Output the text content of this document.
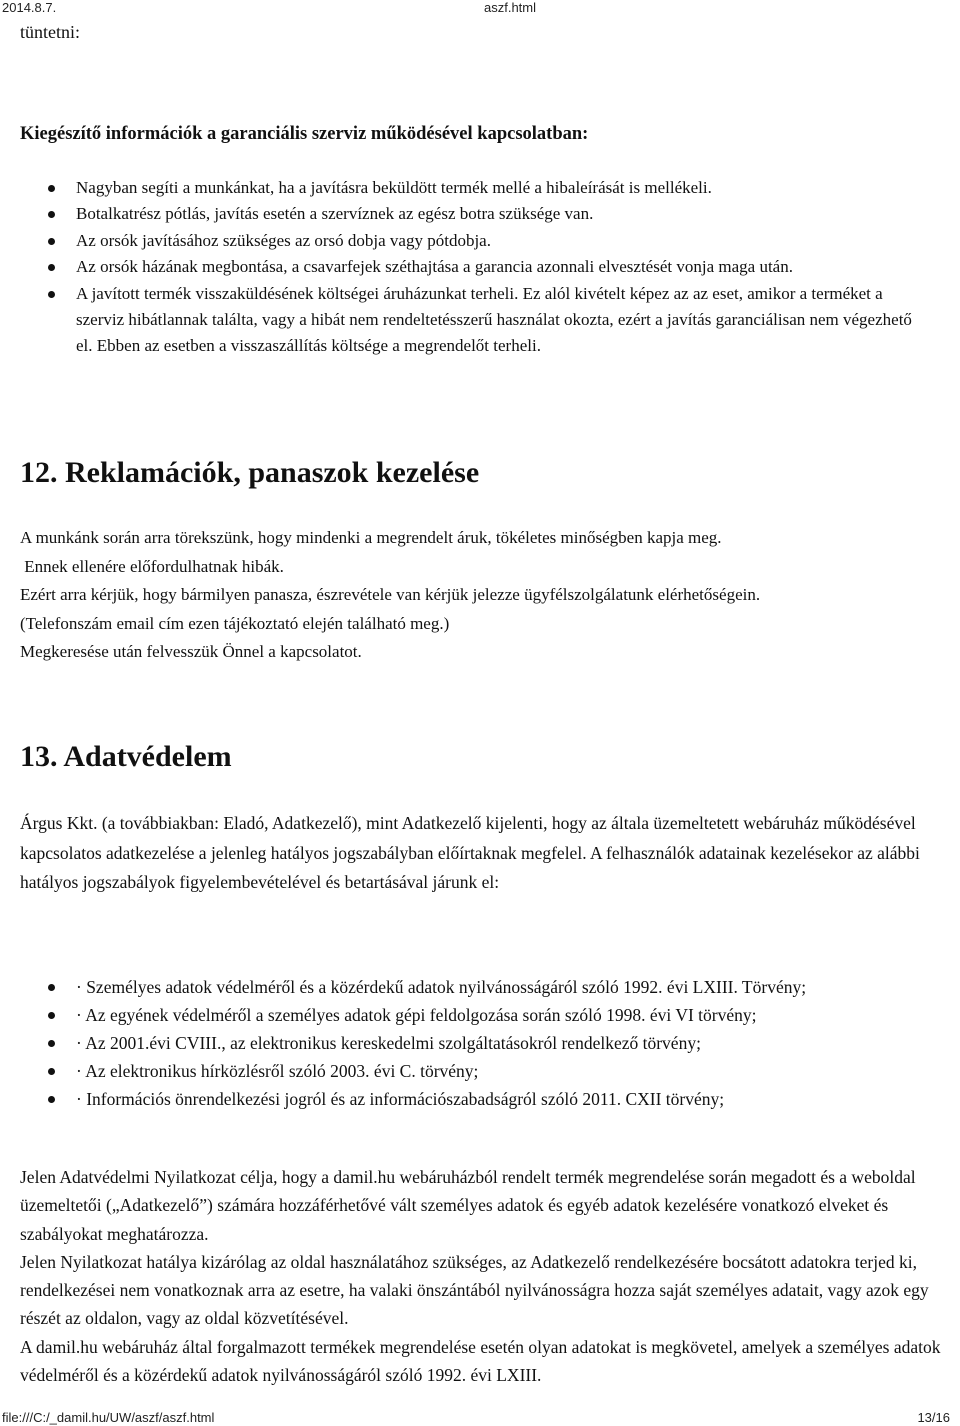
2014.8.7.	aszf.html
tüntetni:
Kiegészítő információk a garanciális szerviz működésével kapcsolatban:
Nagyban segíti a munkánkat, ha a javításra beküldött termék mellé a hibaleírását is mellékeli.
Botalkatrész pótlás, javítás esetén a szervíznek az egész botra szüksége van.
Az orsók javításához szükséges az orsó dobja vagy pótdobja.
Az orsók házának megbontása, a csavarfejek széthajtása a garancia azonnali elvesztését vonja maga után.
A javított termék visszaküldésének költségei áruházunkat terheli. Ez alól kivételt képez az az eset, amikor a terméket a szerviz hibátlannak találta, vagy a hibát nem rendeltetésszerű használat okozta, ezért a javítás garanciálisan nem végezhető el. Ebben az esetben a visszaszállítás költsége a megrendelőt terheli.
12. Reklamációk, panaszok kezelése
A munkánk során arra törekszünk, hogy mindenki a megrendelt áruk, tökéletes minőségben kapja meg.
Ennek ellenére előfordulhatnak hibák.
Ezért arra kérjük, hogy bármilyen panasza, észrevétele van kérjük jelezze ügyfélszolgálatunk elérhetőségein.
(Telefonszám email cím ezen tájékoztató elején található meg.)
Megkeresése után felvesszük Önnel a kapcsolatot.
13. Adatvédelem

Árgus Kkt. (a továbbiakban: Eladó, Adatkezelő), mint Adatkezelő kijelenti, hogy az általa üzemeltetett webáruház működésével kapcsolatos adatkezelése a jelenleg hatályos jogszabályban előírtaknak megfelel. A felhasználók adatainak kezelésekor az alábbi hatályos jogszabályok figyelembevételével és betartásával járunk el:

· Személyes adatok védelméről és a közérdekű adatok nyilvánosságáról szóló 1992. évi LXIII. Törvény;
· Az egyének védelméről a személyes adatok gépi feldolgozása során szóló 1998. évi VI törvény;
· Az 2001.évi CVIII., az elektronikus kereskedelmi szolgáltatásokról rendelkező törvény;
· Az elektronikus hírközlésről szóló 2003. évi C. törvény;
· Információs önrendelkezési jogról és az információszabadságról szóló 2011. CXII törvény;
Jelen Adatvédelmi Nyilatkozat célja, hogy a damil.hu webáruházból rendelt termék megrendelése során megadott és a weboldal üzemeltetői („Adatkezelő”) számára hozzáférhetővé vált személyes adatok és egyéb adatok kezelésére vonatkozó elveket és szabályokat meghatározza.
Jelen Nyilatkozat hatálya kizárólag az oldal használatához szükséges, az Adatkezelő rendelkezésére bocsátott adatokra terjed ki, rendelkezései nem vonatkoznak arra az esetre, ha valaki önszántából nyilvánosságra hozza saját személyes adatait, vagy azok egy részét az oldalon, vagy az oldal közvetítésével.
A damil.hu webáruház által forgalmazott termékek megrendelése esetén olyan adatokat is megkövetel, amelyek a személyes adatok védelméről és a közérdekű adatok nyilvánosságáról szóló 1992. évi LXIII.
file:///C:/_damil.hu/UW/aszf/aszf.html	13/16
